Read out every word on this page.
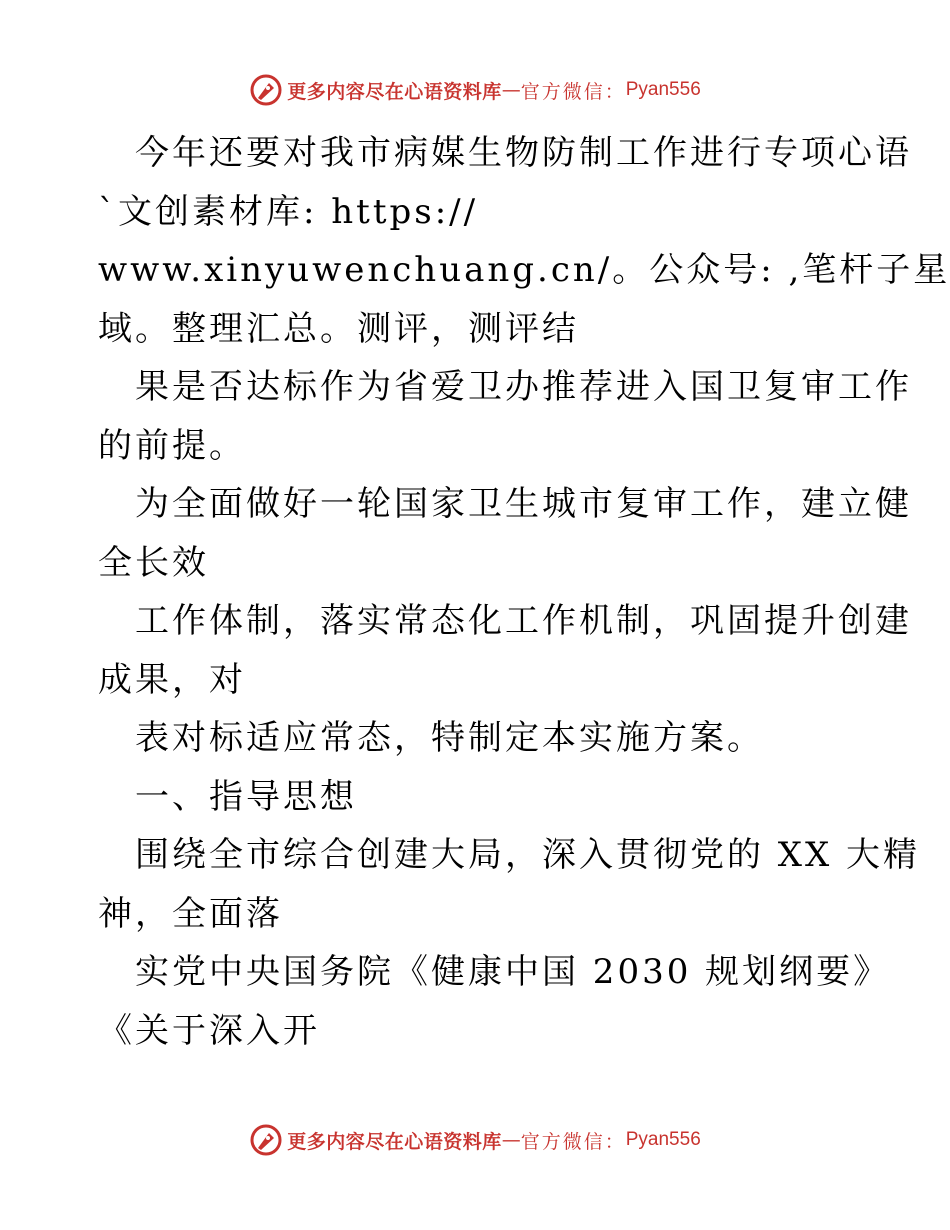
更多内容尽在心语资料库 — 官方微信： Pyan556
今年还要对我市病媒生物防制工作进行专项心语
`文创素材库: https://
www.xinyuwenchuang.cn/。公众号: ,笔杆子星
域。整理汇总。测评，测评结
果是否达标作为省爱卫办推荐进入国卫复审工作
的前提。
为全面做好一轮国家卫生城市复审工作，建立健
全长效
工作体制，落实常态化工作机制，巩固提升创建
成果，对
表对标适应常态，特制定本实施方案。
一、指导思想
围绕全市综合创建大局，深入贯彻党的 XX 大精
神，全面落
实党中央国务院《健康中国 2030 规划纲要》
《关于深入开
更多内容尽在心语资料库 — 官方微信： Pyan556
